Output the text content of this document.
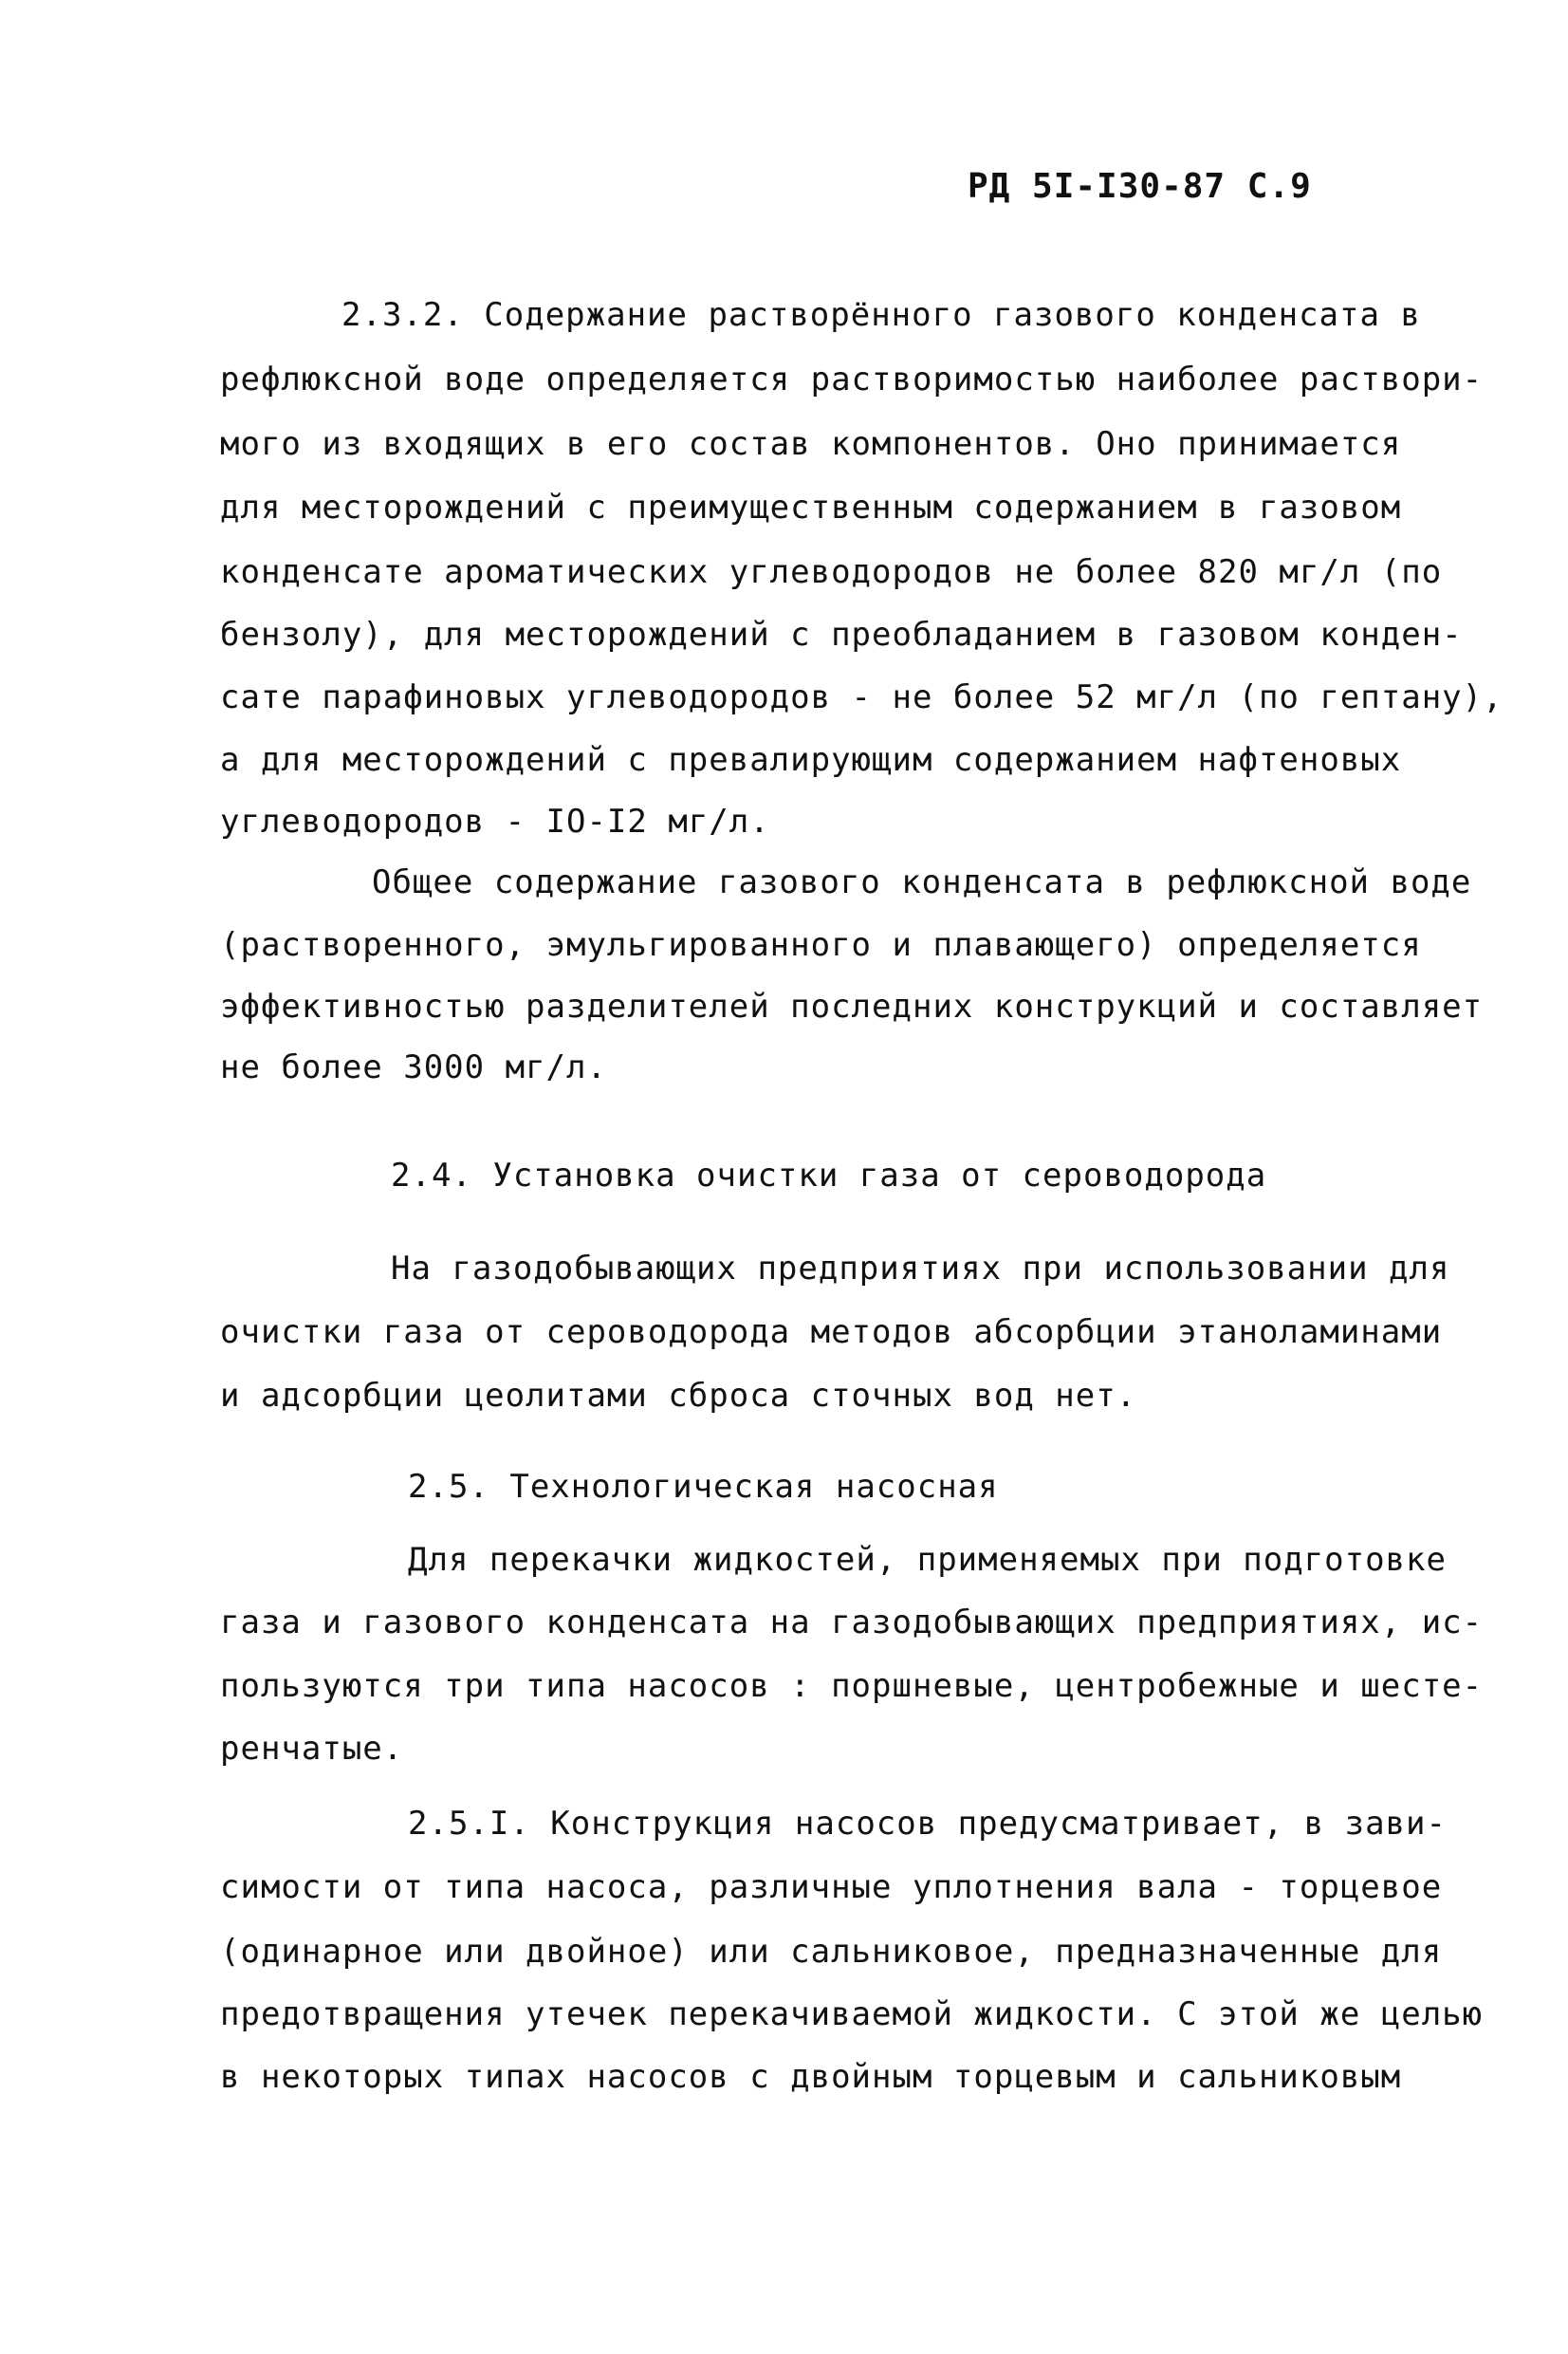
РД 5I-I30-87 С.9
2.3.2. Содержание растворённого газового конденсата в
рефлюксной воде определяется растворимостью наиболее раствори-
мого из входящих в его состав компонентов. Оно принимается
для месторождений с преимущественным содержанием в газовом
конденсате ароматических углеводородов не более 820 мг/л (по
бензолу), для месторождений с преобладанием в газовом конден-
сате парафиновых углеводородов - не более 52 мг/л (по гептану),
а для месторождений с превалирующим содержанием нафтеновых
углеводородов - IO-I2 мг/л.
Общее содержание газового конденсата в рефлюксной воде
(растворенного, эмульгированного и плавающего) определяется
эффективностью разделителей последних конструкций и составляет
не более 3000 мг/л.
2.4. Установка очистки газа от сероводорода
На газодобывающих предприятиях при использовании для
очистки газа от сероводорода методов абсорбции этаноламинами
и адсорбции цеолитами сброса сточных вод нет.
2.5. Технологическая насосная
Для перекачки жидкостей, применяемых при подготовке
газа и газового конденсата на газодобывающих предприятиях, ис-
пользуются три типа насосов : поршневые, центробежные и шесте-
ренчатые.
2.5.I. Конструкция насосов предусматривает, в зави-
симости от типа насоса, различные уплотнения вала - торцевое
(одинарное или двойное) или сальниковое, предназначенные для
предотвращения утечек перекачиваемой жидкости. С этой же целью
в некоторых типах насосов с двойным торцевым и сальниковым
